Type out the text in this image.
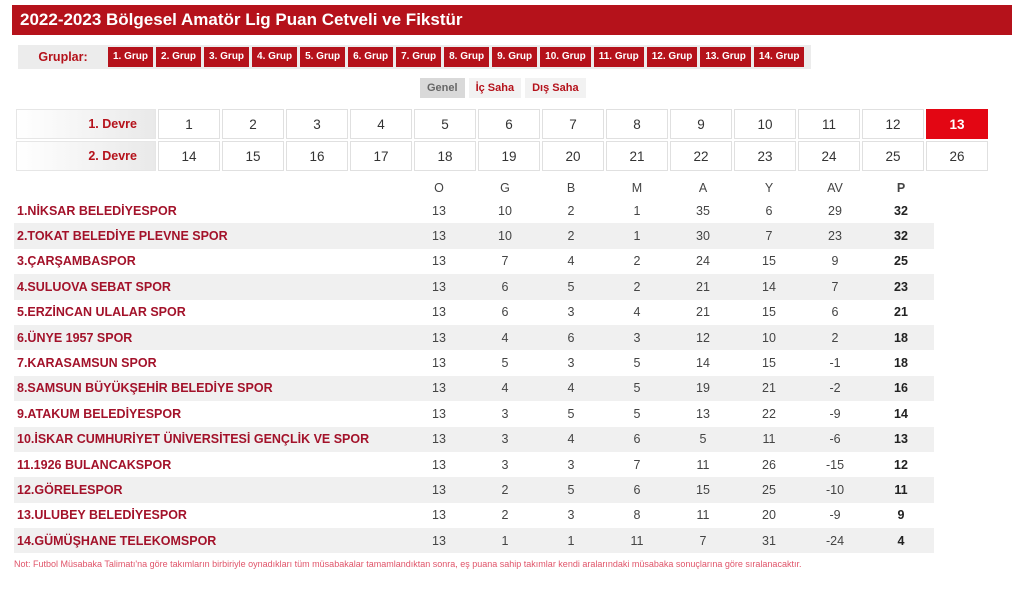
2022-2023 Bölgesel Amatör Lig Puan Cetveli ve Fikstür
Gruplar:	1. Grup	2. Grup	3. Grup	4. Grup	5. Grup	6. Grup	7. Grup	8. Grup	9. Grup	10. Grup	11. Grup	12. Grup	13. Grup	14. Grup
Genel	İç Saha	Dış Saha
1. Devre	1	2	3	4	5	6	7	8	9	10	11	12	13
2. Devre	14	15	16	17	18	19	20	21	22	23	24	25	26
	O	G	B	M	A	Y	AV	P
1.NİKSAR BELEDİYESPOR	13	10	2	1	35	6	29	32
2.TOKAT BELEDİYE PLEVNE SPOR	13	10	2	1	30	7	23	32
3.ÇARŞAMBASPOR	13	7	4	2	24	15	9	25
4.SULUOVA SEBAT SPOR	13	6	5	2	21	14	7	23
5.ERZİNCAN ULALAR SPOR	13	6	3	4	21	15	6	21
6.ÜNYE 1957 SPOR	13	4	6	3	12	10	2	18
7.KARASAMSUN SPOR	13	5	3	5	14	15	-1	18
8.SAMSUN BÜYÜKŞEHİR BELEDİYE SPOR	13	4	4	5	19	21	-2	16
9.ATAKUM BELEDİYESPOR	13	3	5	5	13	22	-9	14
10.İSKAR CUMHURİYET ÜNİVERSİTESİ GENÇLİK VE SPOR	13	3	4	6	5	11	-6	13
11.1926 BULANCAKSPOR	13	3	3	7	11	26	-15	12
12.GÖRELESPOR	13	2	5	6	15	25	-10	11
13.ULUBEY BELEDİYESPOR	13	2	3	8	11	20	-9	9
14.GÜMÜŞHANE TELEKOMSPOR	13	1	1	11	7	31	-24	4
Not: Futbol Müsabaka Talimatı'na göre takımların birbiriyle oynadıkları tüm müsabakalar tamamlandıktan sonra, eş puana sahip takımlar kendi aralarındaki müsabaka sonuçlarına göre sıralanacaktır.
